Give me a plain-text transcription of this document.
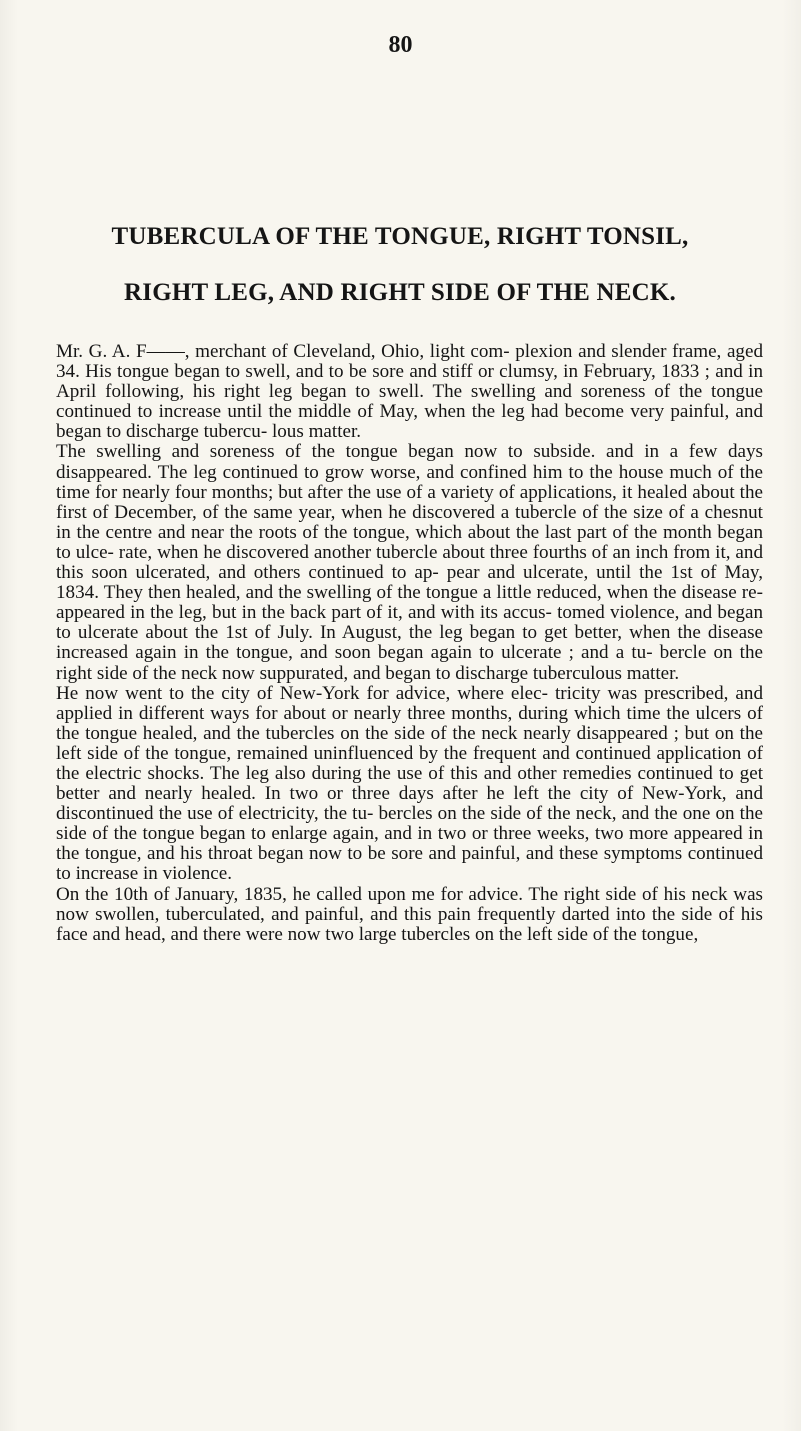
80
TUBERCULA OF THE TONGUE, RIGHT TONSIL,
RIGHT LEG, AND RIGHT SIDE OF THE NECK.

Mr. G. A. F——, merchant of Cleveland, Ohio, light com- plexion and slender frame, aged 34. His tongue began to swell, and to be sore and stiff or clumsy, in February, 1833 ; and in April following, his right leg began to swell. The swelling and soreness of the tongue continued to increase until the middle of May, when the leg had become very painful, and began to discharge tubercu- lous matter.

The swelling and soreness of the tongue began now to subside. and in a few days disappeared. The leg continued to grow worse, and confined him to the house much of the time for nearly four months; but after the use of a variety of applications, it healed about the first of December, of the same year, when he discovered a tubercle of the size of a chesnut in the centre and near the roots of the tongue, which about the last part of the month began to ulce- rate, when he discovered another tubercle about three fourths of an inch from it, and this soon ulcerated, and others continued to ap- pear and ulcerate, until the 1st of May, 1834. They then healed, and the swelling of the tongue a little reduced, when the disease re-appeared in the leg, but in the back part of it, and with its accus- tomed violence, and began to ulcerate about the 1st of July. In August, the leg began to get better, when the disease increased again in the tongue, and soon began again to ulcerate ; and a tu- bercle on the right side of the neck now suppurated, and began to discharge tuberculous matter.

He now went to the city of New-York for advice, where elec- tricity was prescribed, and applied in different ways for about or nearly three months, during which time the ulcers of the tongue healed, and the tubercles on the side of the neck nearly disappeared ; but on the left side of the tongue, remained uninfluenced by the frequent and continued application of the electric shocks. The leg also during the use of this and other remedies continued to get better and nearly healed. In two or three days after he left the city of New-York, and discontinued the use of electricity, the tu- bercles on the side of the neck, and the one on the side of the tongue began to enlarge again, and in two or three weeks, two more appeared in the tongue, and his throat began now to be sore and painful, and these symptoms continued to increase in violence.

On the 10th of January, 1835, he called upon me for advice. The right side of his neck was now swollen, tuberculated, and painful, and this pain frequently darted into the side of his face and head, and there were now two large tubercles on the left side of the tongue,
